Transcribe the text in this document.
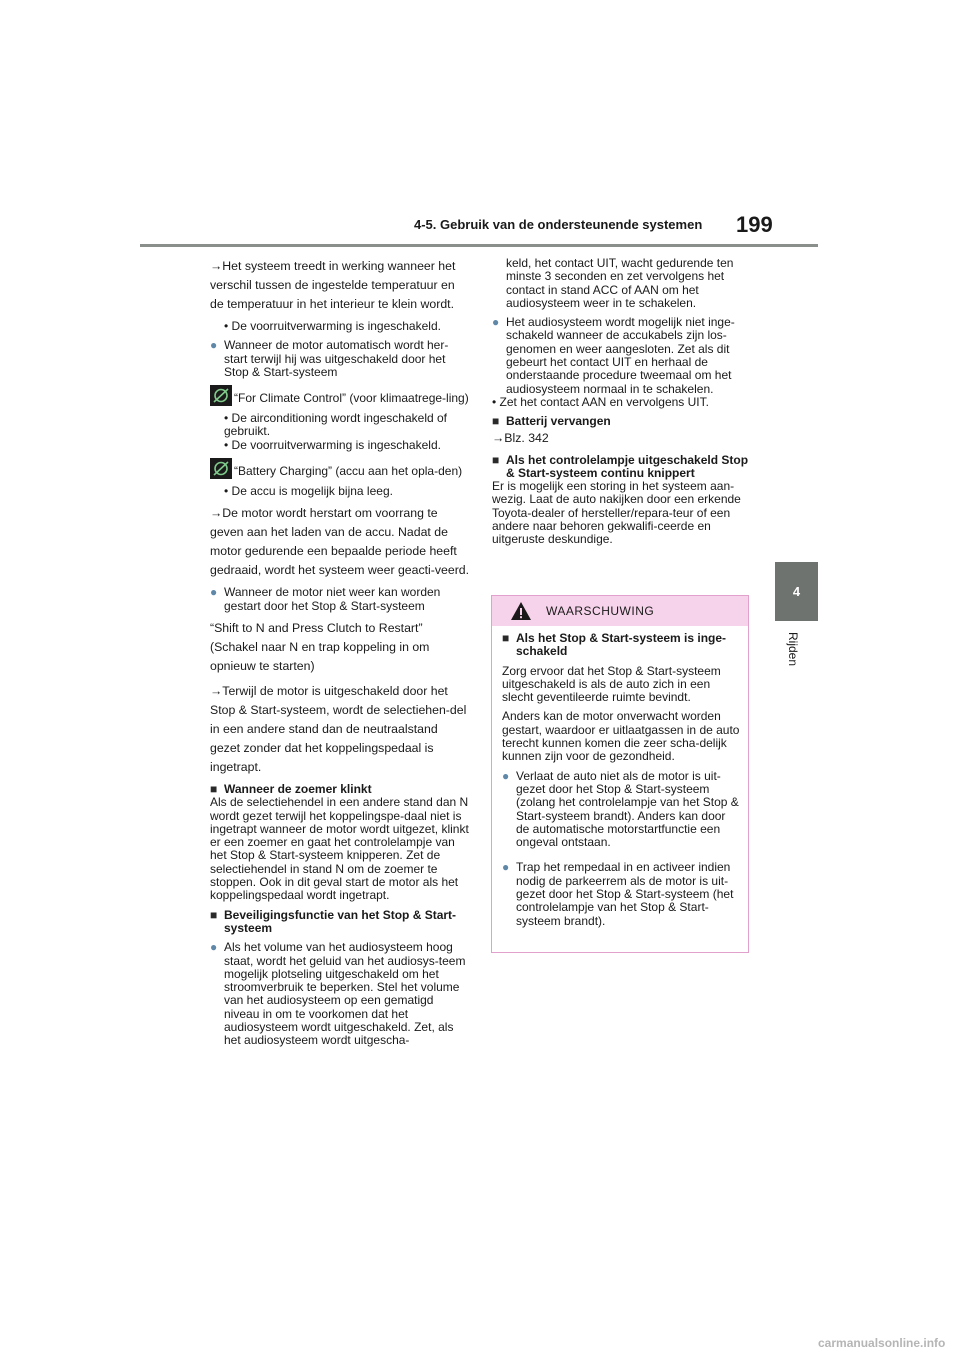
4-5. Gebruik van de ondersteunende systemen 199
4
Rijden

→Het systeem treedt in werking wanneer het verschil tussen de ingestelde temperatuur en de temperatuur in het interieur te klein wordt.

• De voorruitverwarming is ingeschakeld.

● Wanneer de motor automatisch wordt her-start terwijl hij was uitgeschakeld door het Stop & Start-systeem

“For Climate Control” (voor klimaatrege-ling)

• De airconditioning wordt ingeschakeld of gebruikt.

• De voorruitverwarming is ingeschakeld.

“Battery Charging” (accu aan het opla-den)

• De accu is mogelijk bijna leeg.

→De motor wordt herstart om voorrang te geven aan het laden van de accu. Nadat de motor gedurende een bepaalde periode heeft gedraaid, wordt het systeem weer geacti-veerd.

● Wanneer de motor niet weer kan worden gestart door het Stop & Start-systeem

“Shift to N and Press Clutch to Restart” (Schakel naar N en trap koppeling in om opnieuw te starten)

→Terwijl de motor is uitgeschakeld door het Stop & Start-systeem, wordt de selectiehen-del in een andere stand dan de neutraalstand gezet zonder dat het koppelingspedaal is ingetrapt.

■ Wanneer de zoemer klinkt

Als de selectiehendel in een andere stand dan N wordt gezet terwijl het koppelingspe-daal niet is ingetrapt wanneer de motor wordt uitgezet, klinkt er een zoemer en gaat het controlelampje van het Stop & Start-systeem knipperen. Zet de selectiehendel in stand N om de zoemer te stoppen. Ook in dit geval start de motor als het koppelingspedaal wordt ingetrapt.

■ Beveiligingsfunctie van het Stop & Start-systeem
● Als het volume van het audiosysteem hoog staat, wordt het geluid van het audiosys-teem mogelijk plotseling uitgeschakeld om het stroomverbruik te beperken. Stel het volume van het audiosysteem op een gematigd niveau in om te voorkomen dat het audiosysteem wordt uitgeschakeld. Zet, als het audiosysteem wordt uitgescha-

keld, het contact UIT, wacht gedurende ten minste 3 seconden en zet vervolgens het contact in stand ACC of AAN om het audiosysteem weer in te schakelen.

● Het audiosysteem wordt mogelijk niet inge-schakeld wanneer de accukabels zijn los-genomen en weer aangesloten. Zet als dit gebeurt het contact UIT en herhaal de onderstaande procedure tweemaal om het audiosysteem normaal in te schakelen.

• Zet het contact AAN en vervolgens UIT.

■ Batterij vervangen

→Blz. 342

■ Als het controlelampje uitgeschakeld Stop & Start-systeem continu knippert

Er is mogelijk een storing in het systeem aan-wezig. Laat de auto nakijken door een erkende Toyota-dealer of hersteller/repara-teur of een andere naar behoren gekwalifi-ceerde en uitgeruste deskundige.

WAARSCHUWING
■ Als het Stop & Start-systeem is inge-schakeld

Zorg ervoor dat het Stop & Start-systeem uitgeschakeld is als de auto zich in een slecht geventileerde ruimte bevindt.

Anders kan de motor onverwacht worden gestart, waardoor er uitlaatgassen in de auto terecht kunnen komen die zeer scha-delijk kunnen zijn voor de gezondheid.

● Verlaat de auto niet als de motor is uit-gezet door het Stop & Start-systeem (zolang het controlelampje van het Stop & Start-systeem brandt). Anders kan door de automatische motorstartfunctie een ongeval ontstaan.
● Trap het rempedaal in en activeer indien nodig de parkeerrem als de motor is uit-gezet door het Stop & Start-systeem (het controlelampje van het Stop & Start-systeem brandt).
carmanualsonline.info
